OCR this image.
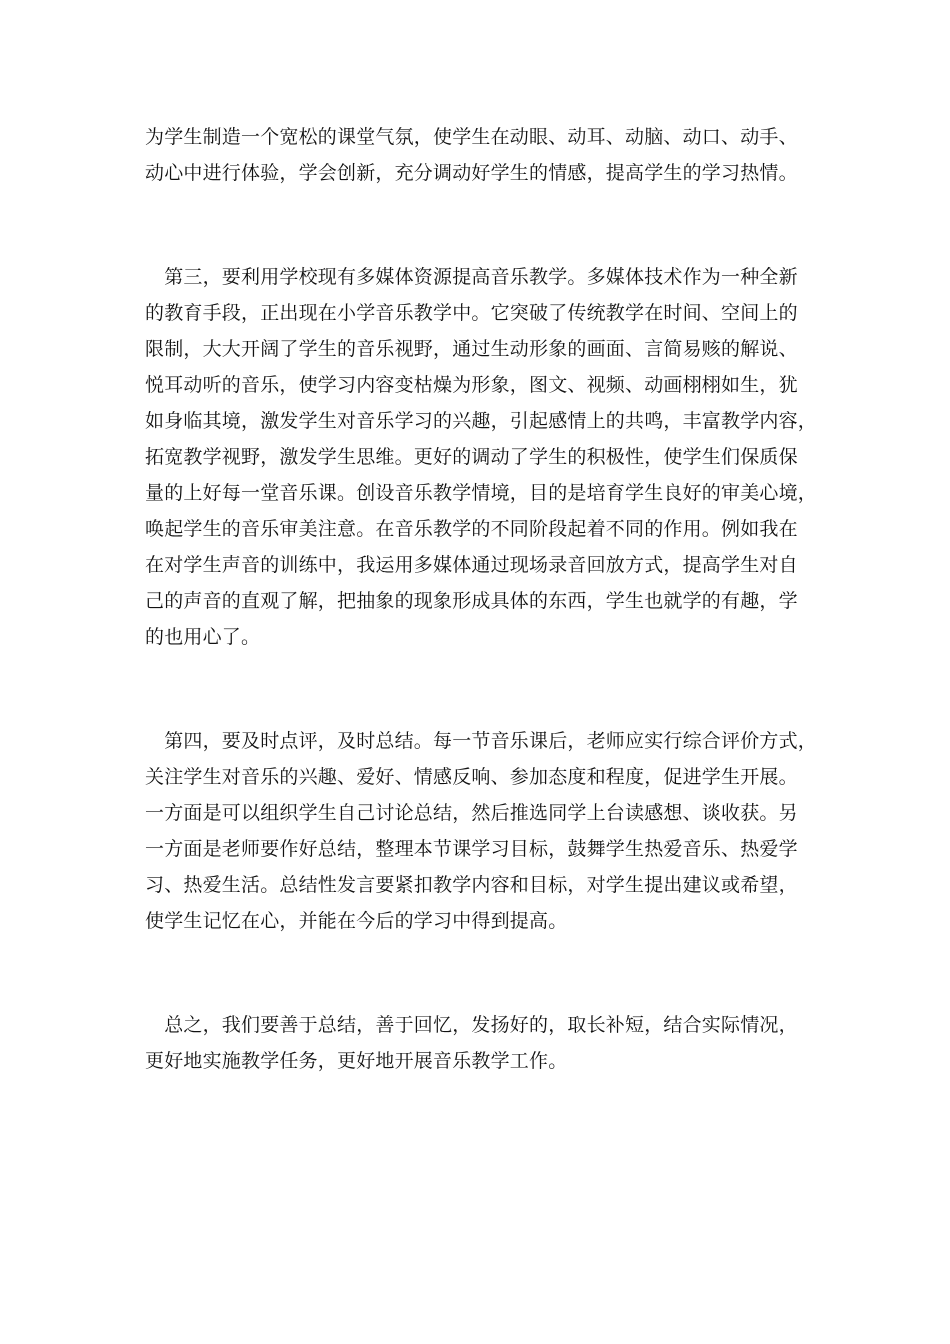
为学生制造一个宽松的课堂气氛，使学生在动眼、动耳、动脑、动口、动手、
动心中进行体验，学会创新，充分调动好学生的情感，提高学生的学习热情。
　第三，要利用学校现有多媒体资源提高音乐教学。多媒体技术作为一种全新
的教育手段，正出现在小学音乐教学中。它突破了传统教学在时间、空间上的
限制，大大开阔了学生的音乐视野，通过生动形象的画面、言简易赅的解说、
悦耳动听的音乐，使学习内容变枯燥为形象，图文、视频、动画栩栩如生，犹
如身临其境，激发学生对音乐学习的兴趣，引起感情上的共鸣，丰富教学内容，
拓宽教学视野，激发学生思维。更好的调动了学生的积极性，使学生们保质保
量的上好每一堂音乐课。创设音乐教学情境，目的是培育学生良好的审美心境，
唤起学生的音乐审美注意。在音乐教学的不同阶段起着不同的作用。例如我在
在对学生声音的训练中，我运用多媒体通过现场录音回放方式，提高学生对自
己的声音的直观了解，把抽象的现象形成具体的东西，学生也就学的有趣，学
的也用心了。
　第四，要及时点评，及时总结。每一节音乐课后，老师应实行综合评价方式，
关注学生对音乐的兴趣、爱好、情感反响、参加态度和程度，促进学生开展。
一方面是可以组织学生自己讨论总结，然后推选同学上台读感想、谈收获。另
一方面是老师要作好总结，整理本节课学习目标，鼓舞学生热爱音乐、热爱学
习、热爱生活。总结性发言要紧扣教学内容和目标，对学生提出建议或希望，
使学生记忆在心，并能在今后的学习中得到提高。
　总之，我们要善于总结，善于回忆，发扬好的，取长补短，结合实际情况，
更好地实施教学任务，更好地开展音乐教学工作。
